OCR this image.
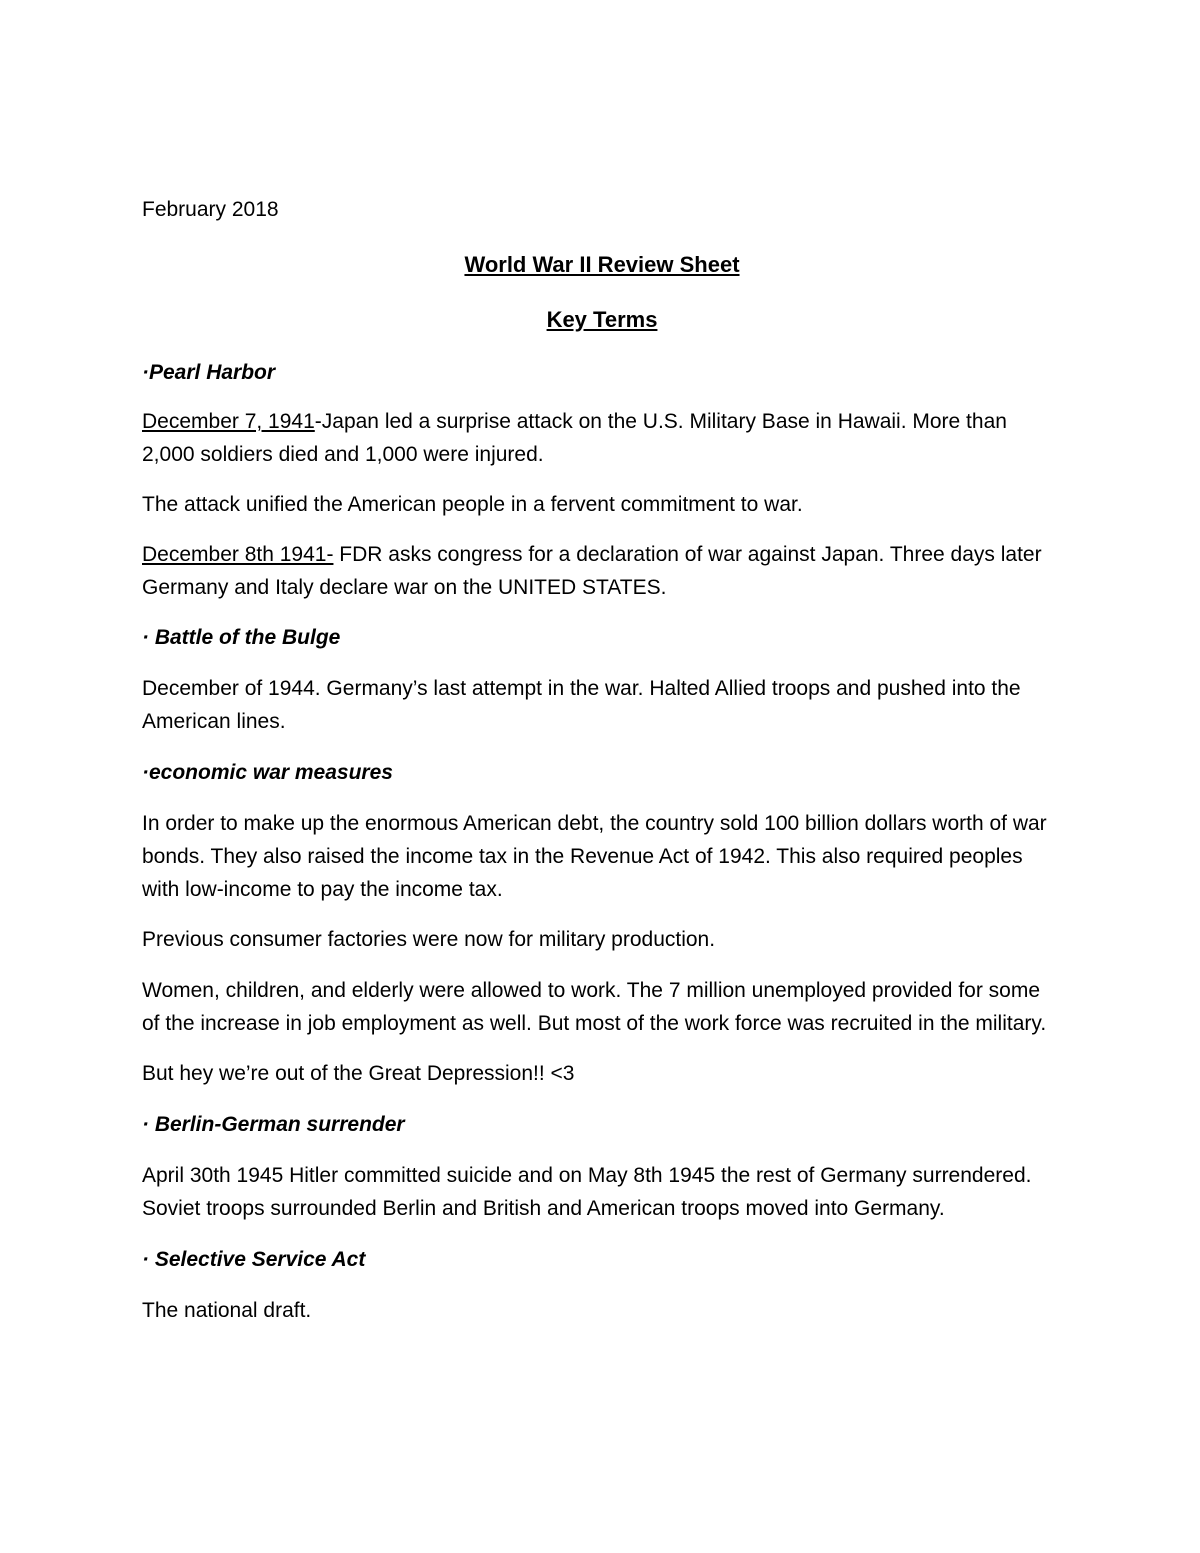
February 2018

World War II Review Sheet

Key Terms

·Pearl Harbor

December 7, 1941-Japan led a surprise attack on the U.S. Military Base in Hawaii. More than 2,000 soldiers died and 1,000 were injured.

The attack unified the American people in a fervent commitment to war.

December 8th 1941- FDR asks congress for a declaration of war against Japan. Three days later Germany and Italy declare war on the UNITED STATES.

· Battle of the Bulge

December of 1944. Germany’s last attempt in the war. Halted Allied troops and pushed into the American lines.

·economic war measures

In order to make up the enormous American debt, the country sold 100 billion dollars worth of war bonds. They also raised the income tax in the Revenue Act of 1942. This also required peoples with low-income to pay the income tax.

Previous consumer factories were now for military production.

Women, children, and elderly were allowed to work. The 7 million unemployed provided for some of the increase in job employment as well. But most of the work force was recruited in the military.

But hey we’re out of the Great Depression!! <3

· Berlin-German surrender

April 30th 1945 Hitler committed suicide and on May 8th 1945 the rest of Germany surrendered. Soviet troops surrounded Berlin and British and American troops moved into Germany.

· Selective Service Act

The national draft.
